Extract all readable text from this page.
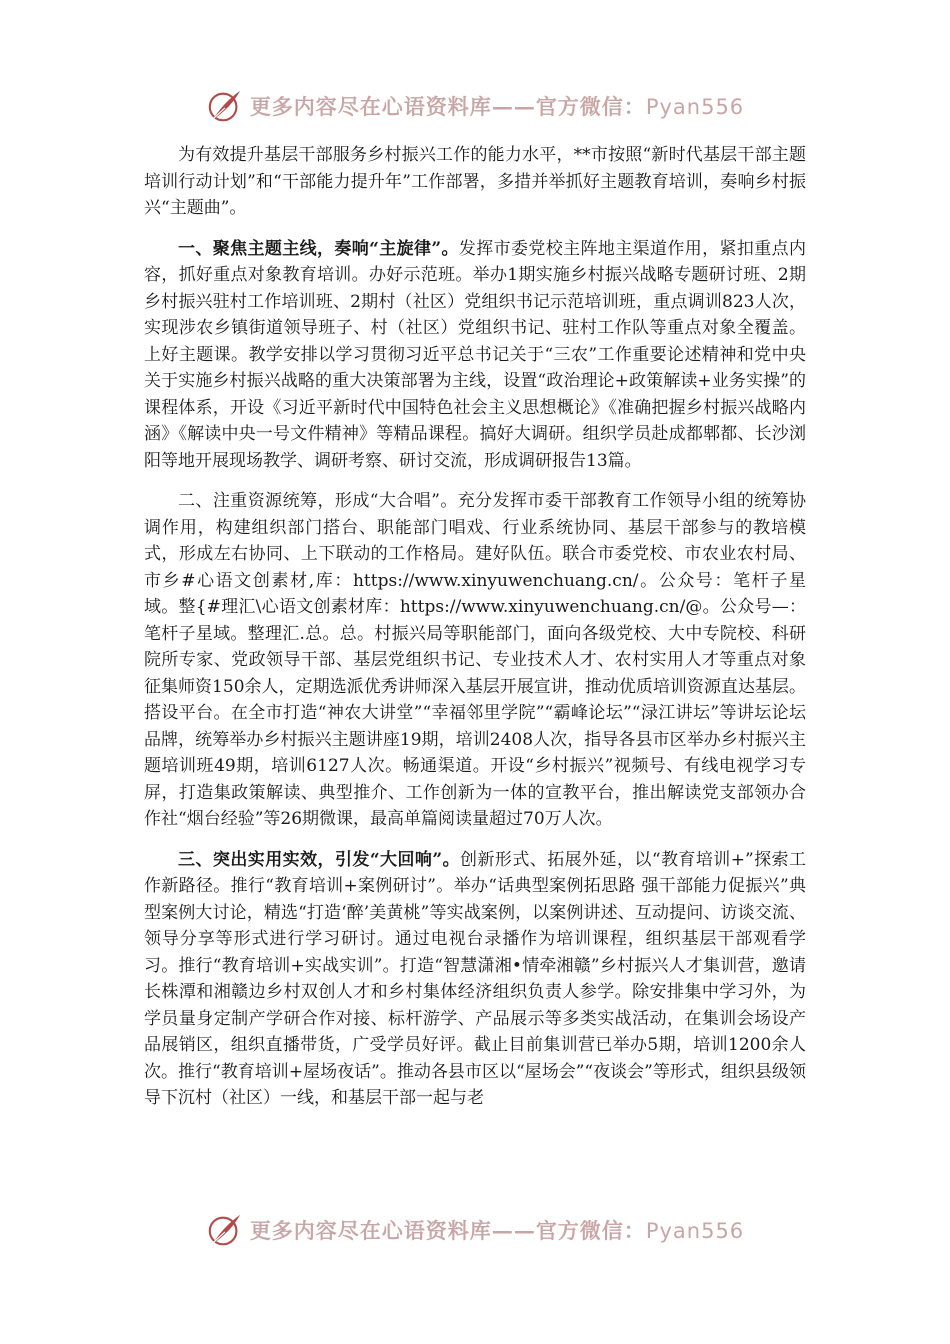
更多内容尽在心语资料库——官方微信：Pyan556

为有效提升基层干部服务乡村振兴工作的能力水平，**市按照“新时代基层干部主题培训行动计划”和“干部能力提升年”工作部署，多措并举抓好主题教育培训，奏响乡村振兴“主题曲”。

一、聚焦主题主线，奏响“主旋律”。发挥市委党校主阵地主渠道作用，紧扣重点内容，抓好重点对象教育培训。办好示范班。举办1期实施乡村振兴战略专题研讨班、2期乡村振兴驻村工作培训班、2期村（社区）党组织书记示范培训班，重点调训823人次，实现涉农乡镇街道领导班子、村（社区）党组织书记、驻村工作队等重点对象全覆盖。上好主题课。教学安排以学习贯彻习近平总书记关于“三农”工作重要论述精神和党中央关于实施乡村振兴战略的重大决策部署为主线，设置“政治理论+政策解读+业务实操”的课程体系，开设《习近平新时代中国特色社会主义思想概论》《准确把握乡村振兴战略内涵》《解读中央一号文件精神》等精品课程。搞好大调研。组织学员赴成都郫都、长沙浏阳等地开展现场教学、调研考察、研讨交流，形成调研报告13篇。

二、注重资源统筹，形成“大合唱”。充分发挥市委干部教育工作领导小组的统筹协调作用，构建组织部门搭台、职能部门唱戏、行业系统协同、基层干部参与的教培模式，形成左右协同、上下联动的工作格局。建好队伍。联合市委党校、市农业农村局、市乡#心语文创素材,库：https://www.xinyuwenchuang.cn/。公众号：笔杆子星域。整{#理汇\心语文创素材库：https://www.xinyuwenchuang.cn/@。公众号—：笔杆子星域。整理汇.总。总。村振兴局等职能部门，面向各级党校、大中专院校、科研院所专家、党政领导干部、基层党组织书记、专业技术人才、农村实用人才等重点对象征集师资150余人，定期选派优秀讲师深入基层开展宣讲，推动优质培训资源直达基层。搭设平台。在全市打造“神农大讲堂”“幸福邻里学院”“霸峰论坛”“渌江讲坛”等讲坛论坛品牌，统筹举办乡村振兴主题讲座19期，培训2408人次，指导各县市区举办乡村振兴主题培训班49期，培训6127人次。畅通渠道。开设“乡村振兴”视频号、有线电视学习专屏，打造集政策解读、典型推介、工作创新为一体的宣教平台，推出解读党支部领办合作社“烟台经验”等26期微课，最高单篇阅读量超过70万人次。

三、突出实用实效，引发“大回响”。创新形式、拓展外延，以“教育培训+”探索工作新路径。推行“教育培训+案例研讨”。举办“话典型案例拓思路 强干部能力促振兴”典型案例大讨论，精选“打造‘醉’美黄桃”等实战案例，以案例讲述、互动提问、访谈交流、领导分享等形式进行学习研讨。通过电视台录播作为培训课程，组织基层干部观看学习。推行“教育培训+实战实训”。打造“智慧潇湘•情牵湘赣”乡村振兴人才集训营，邀请长株潭和湘赣边乡村双创人才和乡村集体经济组织负责人参学。除安排集中学习外，为学员量身定制产学研合作对接、标杆游学、产品展示等多类实战活动，在集训会场设产品展销区，组织直播带货，广受学员好评。截止目前集训营已举办5期，培训1200余人次。推行“教育培训+屋场夜话”。推动各县市区以“屋场会”“夜谈会”等形式，组织县级领导下沉村（社区）一线，和基层干部一起与老

更多内容尽在心语资料库——官方微信：Pyan556
